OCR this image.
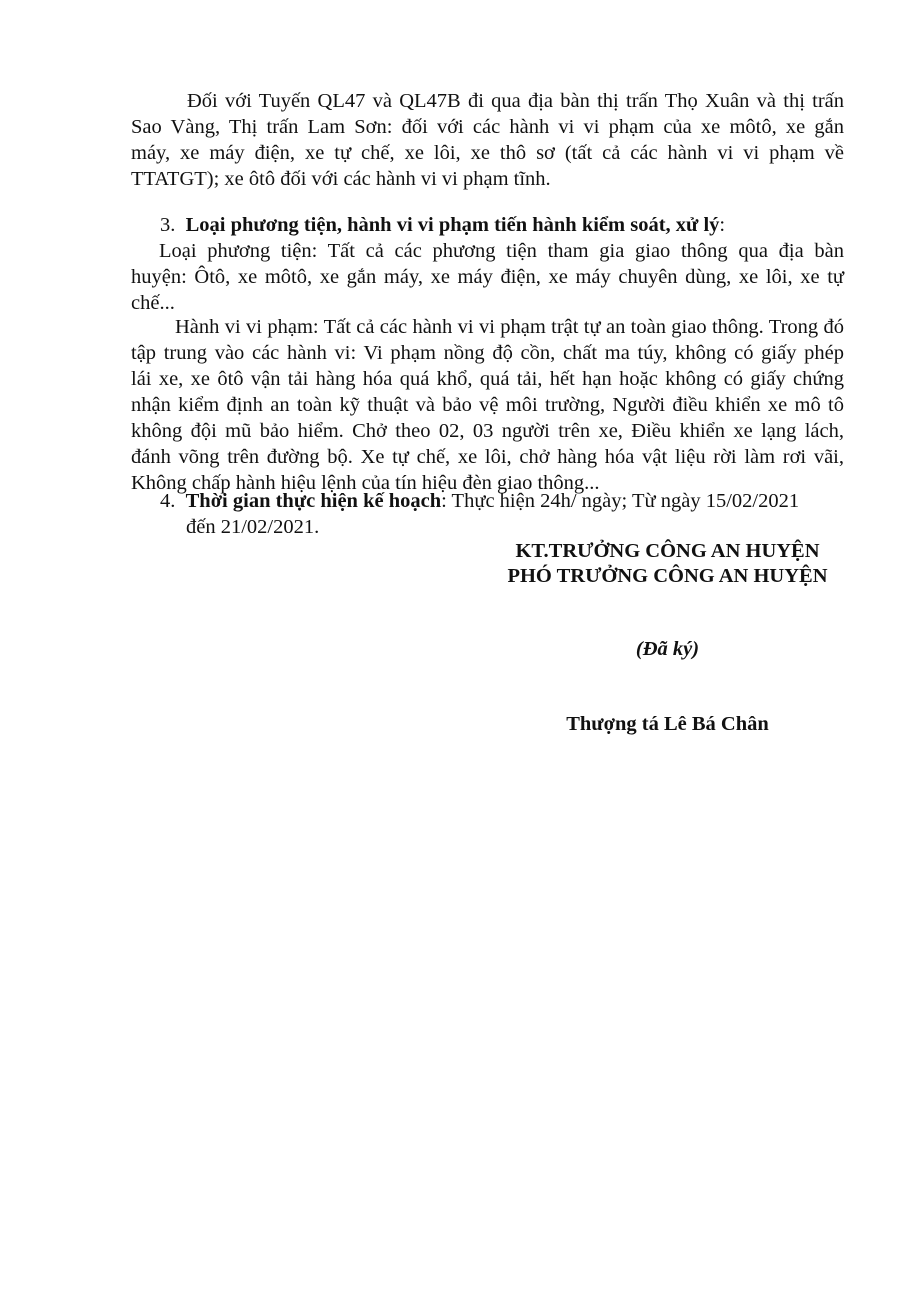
Đối với Tuyến QL47 và QL47B đi qua địa bàn thị trấn Thọ Xuân và thị trấn
Sao Vàng, Thị trấn Lam Sơn: đối với các hành vi vi phạm của xe môtô, xe gắn
máy, xe máy điện, xe tự chế, xe lôi, xe thô sơ (tất cả các hành vi vi phạm về
TTATGT); xe ôtô đối với các hành vi vi phạm tĩnh.
3. Loại phương tiện, hành vi vi phạm tiến hành kiểm soát, xử lý:
Loại phương tiện: Tất cả các phương tiện tham gia giao thông qua địa bàn
huyện: Ôtô, xe môtô, xe gắn máy, xe máy điện, xe máy chuyên dùng, xe lôi, xe tự
chế...
Hành vi vi phạm: Tất cả các hành vi vi phạm trật tự an toàn giao thông. Trong đó
tập trung vào các hành vi: Vi phạm nồng độ cồn, chất ma túy, không có giấy phép
lái xe, xe ôtô vận tải hàng hóa quá khổ, quá tải, hết hạn hoặc không có giấy chứng
nhận kiểm định an toàn kỹ thuật và bảo vệ môi trường, Người điều khiển xe mô tô
không đội mũ bảo hiểm. Chở theo 02, 03 người trên xe, Điều khiển xe lạng lách,
đánh võng trên đường bộ. Xe tự chế, xe lôi, chở hàng hóa vật liệu rời làm rơi vãi,
Không chấp hành hiệu lệnh của tín hiệu đèn giao thông...
4. Thời gian thực hiện kế hoạch: Thực hiện 24h/ ngày; Từ ngày 15/02/2021
đến 21/02/2021.
KT.TRƯỞNG CÔNG AN HUYỆN
PHÓ TRƯỞNG CÔNG AN HUYỆN
(Đã ký)
Thượng tá Lê Bá Chân
